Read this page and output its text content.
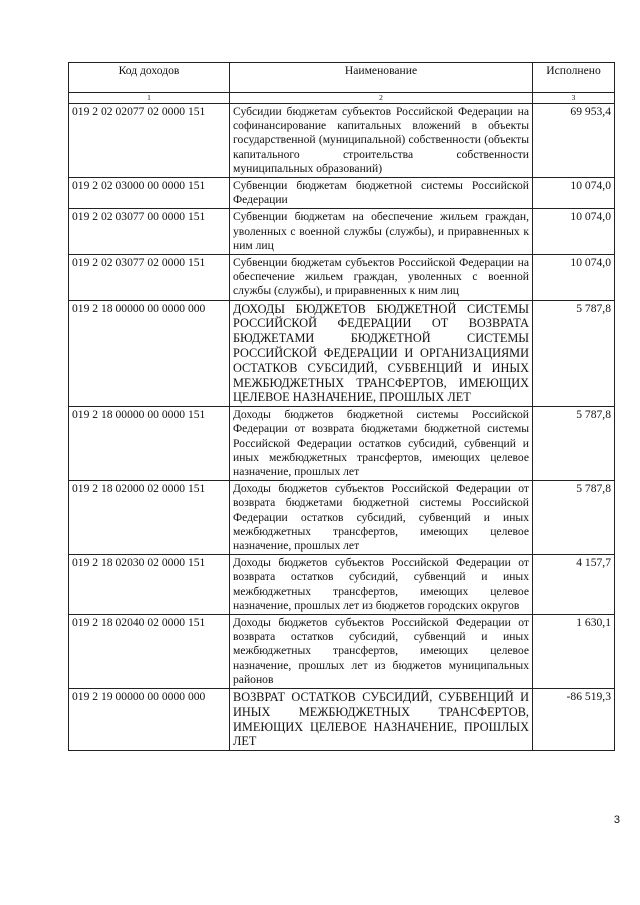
Код доходов	Наименование	Исполнено
1	2	3
019 2 02 02077 02 0000 151	Субсидии бюджетам субъектов Российской Федерации на софинансирование капитальных вложений в объекты государственной (муниципальной) собственности (объекты капитального строительства собственности муниципальных образований)	69 953,4
019 2 02 03000 00 0000 151	Субвенции бюджетам бюджетной системы Российской Федерации	10 074,0
019 2 02 03077 00 0000 151	Субвенции бюджетам на обеспечение жильем граждан, уволенных с военной службы (службы), и приравненных к ним лиц	10 074,0
019 2 02 03077 02 0000 151	Субвенции бюджетам субъектов Российской Федерации на обеспечение жильем граждан, уволенных с военной службы (службы), и приравненных к ним лиц	10 074,0
019 2 18 00000 00 0000 000	ДОХОДЫ БЮДЖЕТОВ БЮДЖЕТНОЙ СИСТЕМЫ РОССИЙСКОЙ ФЕДЕРАЦИИ ОТ ВОЗВРАТА БЮДЖЕТАМИ БЮДЖЕТНОЙ СИСТЕМЫ РОССИЙСКОЙ ФЕДЕРАЦИИ И ОРГАНИЗАЦИЯМИ ОСТАТКОВ СУБСИДИЙ, СУБВЕНЦИЙ И ИНЫХ МЕЖБЮДЖЕТНЫХ ТРАНСФЕРТОВ, ИМЕЮЩИХ ЦЕЛЕВОЕ НАЗНАЧЕНИЕ, ПРОШЛЫХ ЛЕТ	5 787,8
019 2 18 00000 00 0000 151	Доходы бюджетов бюджетной системы Российской Федерации от возврата бюджетами бюджетной системы Российской Федерации остатков субсидий, субвенций и иных межбюджетных трансфертов, имеющих целевое назначение, прошлых лет	5 787,8
019 2 18 02000 02 0000 151	Доходы бюджетов субъектов Российской Федерации от возврата бюджетами бюджетной системы Российской Федерации остатков субсидий, субвенций и иных межбюджетных трансфертов, имеющих целевое назначение, прошлых лет	5 787,8
019 2 18 02030 02 0000 151	Доходы бюджетов субъектов Российской Федерации от возврата остатков субсидий, субвенций и иных межбюджетных трансфертов, имеющих целевое назначение, прошлых лет из бюджетов городских округов	4 157,7
019 2 18 02040 02 0000 151	Доходы бюджетов субъектов Российской Федерации от возврата остатков субсидий, субвенций и иных межбюджетных трансфертов, имеющих целевое назначение, прошлых лет из бюджетов муниципальных районов	1 630,1
019 2 19 00000 00 0000 000	ВОЗВРАТ ОСТАТКОВ СУБСИДИЙ, СУБВЕНЦИЙ И ИНЫХ МЕЖБЮДЖЕТНЫХ ТРАНСФЕРТОВ, ИМЕЮЩИХ ЦЕЛЕВОЕ НАЗНАЧЕНИЕ, ПРОШЛЫХ ЛЕТ	-86 519,3
3
